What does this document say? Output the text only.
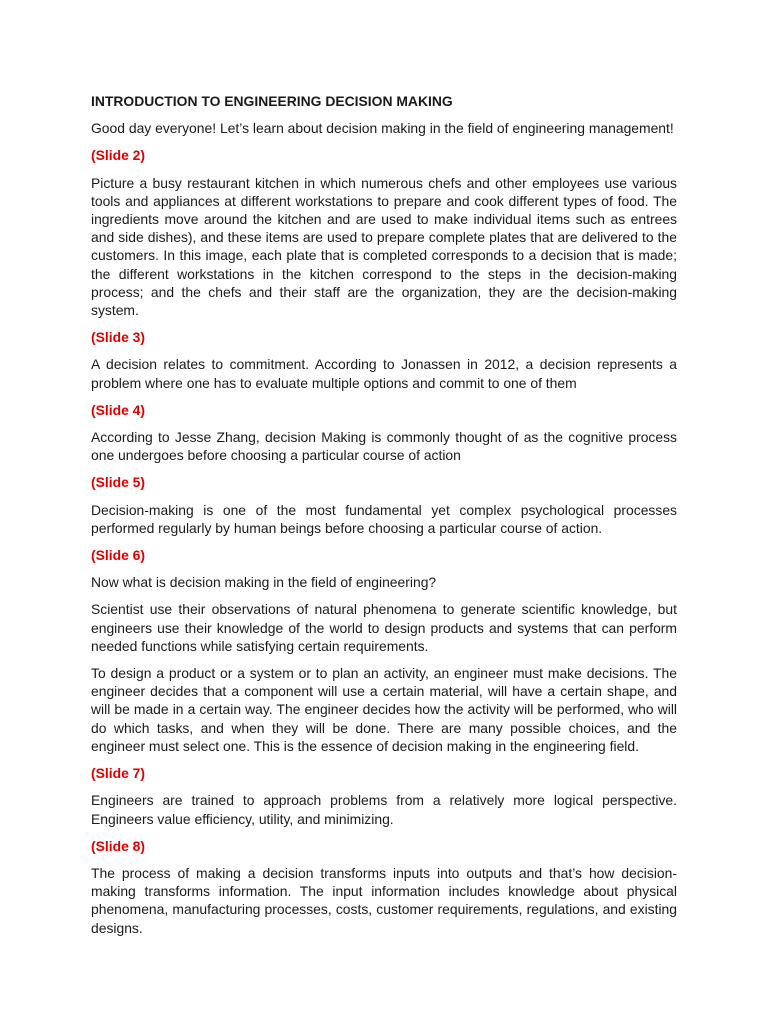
INTRODUCTION TO ENGINEERING DECISION MAKING
Good day everyone! Let’s learn about decision making in the field of engineering management!
(Slide 2)
Picture a busy restaurant kitchen in which numerous chefs and other employees use various tools and appliances at different workstations to prepare and cook different types of food. The ingredients move around the kitchen and are used to make individual items such as entrees and side dishes), and these items are used to prepare complete plates that are delivered to the customers. In this image, each plate that is completed corresponds to a decision that is made; the different workstations in the kitchen correspond to the steps in the decision-making process; and the chefs and their staff are the organization, they are the decision-making system.
(Slide 3)
A decision relates to commitment. According to Jonassen in 2012, a decision represents a problem where one has to evaluate multiple options and commit to one of them
(Slide 4)
According to Jesse Zhang, decision Making is commonly thought of as the cognitive process one undergoes before choosing a particular course of action
(Slide 5)
Decision-making is one of the most fundamental yet complex psychological processes performed regularly by human beings before choosing a particular course of action.
(Slide 6)
Now what is decision making in the field of engineering?
Scientist use their observations of natural phenomena to generate scientific knowledge, but engineers use their knowledge of the world to design products and systems that can perform needed functions while satisfying certain requirements.
To design a product or a system or to plan an activity, an engineer must make decisions. The engineer decides that a component will use a certain material, will have a certain shape, and will be made in a certain way. The engineer decides how the activity will be performed, who will do which tasks, and when they will be done. There are many possible choices, and the engineer must select one. This is the essence of decision making in the engineering field.
(Slide 7)
Engineers are trained to approach problems from a relatively more logical perspective. Engineers value efficiency, utility, and minimizing.
(Slide 8)
The process of making a decision transforms inputs into outputs and that’s how decision-making transforms information. The input information includes knowledge about physical phenomena, manufacturing processes, costs, customer requirements, regulations, and existing designs.
